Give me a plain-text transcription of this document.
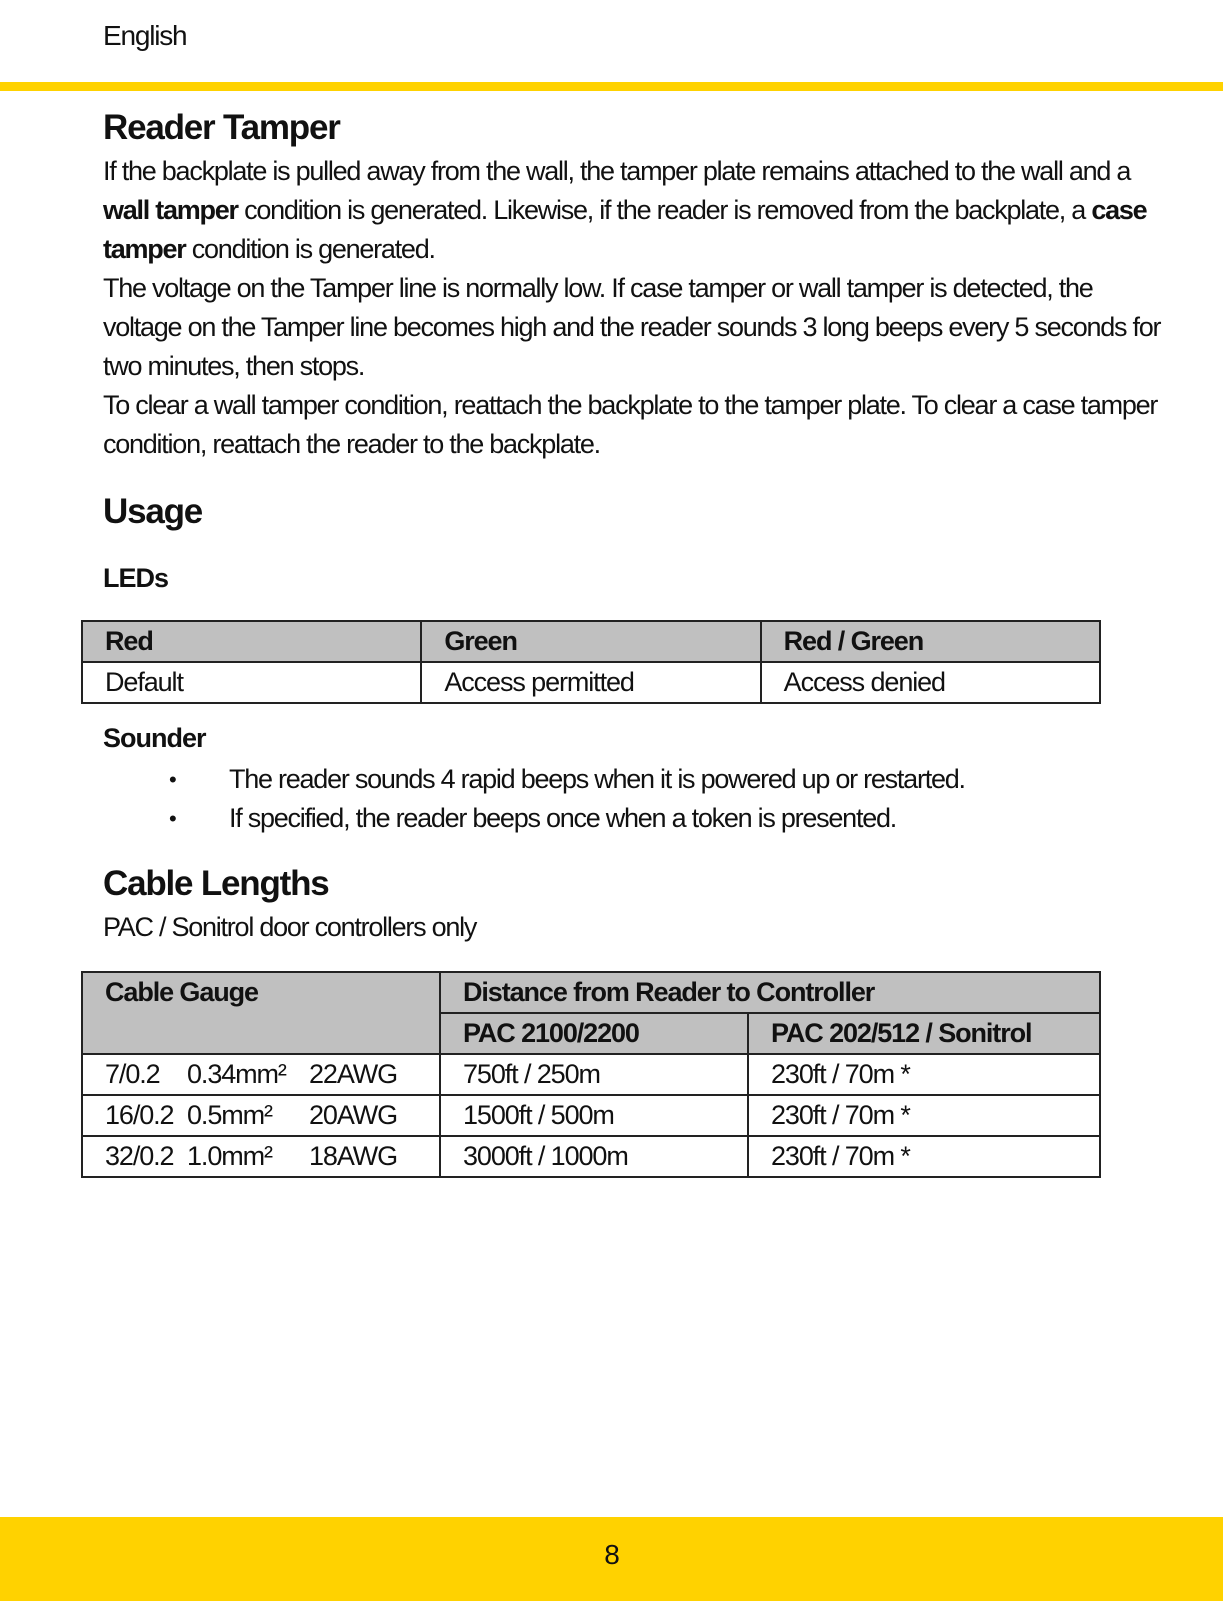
English
Reader Tamper

If the backplate is pulled away from the wall, the tamper plate remains attached to the wall and a wall tamper condition is generated. Likewise, if the reader is removed from the backplate, a case tamper condition is generated.

The voltage on the Tamper line is normally low. If case tamper or wall tamper is detected, the voltage on the Tamper line becomes high and the reader sounds 3 long beeps every 5 seconds for two minutes, then stops.

To clear a wall tamper condition, reattach the backplate to the tamper plate. To clear a case tamper condition, reattach the reader to the backplate.

Usage
LEDs
Red	Green	Red / Green
Default	Access permitted	Access denied
Sounder
• The reader sounds 4 rapid beeps when it is powered up or restarted.
• If specified, the reader beeps once when a token is presented.
Cable Lengths

PAC / Sonitrol door controllers only

Cable Gauge	Distance from Reader to Controller	
	PAC 2100/2200	PAC 202/512 / Sonitrol
7/0.2 0.34mm² 22AWG	750ft / 250m	230ft / 70m *
16/0.2 0.5mm² 20AWG	1500ft / 500m	230ft / 70m *
32/0.2 1.0mm² 18AWG	3000ft / 1000m	230ft / 70m *
8
